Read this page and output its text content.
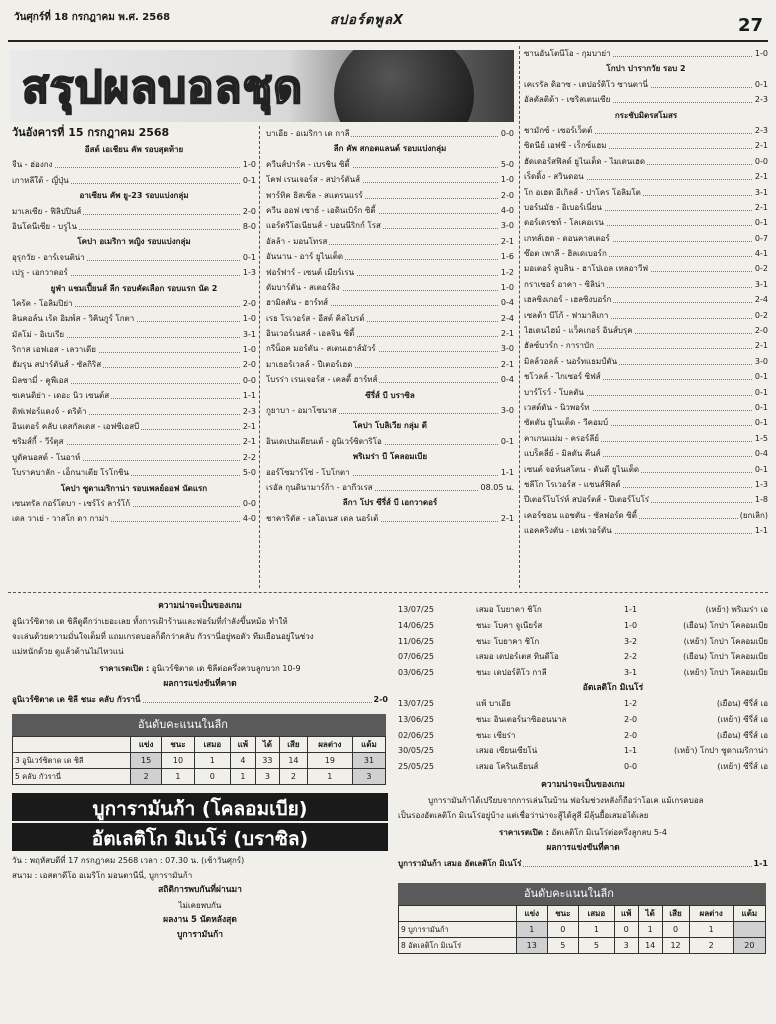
วันศุกร์ที่ 18 กรกฎาคม พ.ศ. 2568	สปอร์ตพูลX	27
สรุปผลบอลชุด
วันอังคารที่ 15 กรกฎาคม 2568
อีสต์ เอเชียน คัพ รอบสุดท้าย
จีน - ฮ่องกง	1-0
เกาหลีใต้ - ญี่ปุ่น	0-1
อาเซียน คัพ ยู-23 รอบแบ่งกลุ่ม
มาเลเซีย - ฟิลิปปินส์	2-0
อินโดนีเซีย - บรูไน	8-0
โคปา อเมริกา หญิง รอบแบ่งกลุ่ม
อุรุกวัย - อาร์เจนติน่า	0-1
เปรู - เอกวาดอร์	1-3
ยูฟ่า แชมเปี้ยนส์ ลีก รอบคัดเลือก รอบแรก นัด 2
ไคร้ค - โอลิมปิย่า	2-0
ลินคอล์น เร้ด อิมพ์ส - วิคินกูร์ โกตา	1-0
มัลโม่ - อิเบเรีย	3-1
ริกาส เอฟเอส - เลวาเดีย	1-0
ฮัมรุน สปาร์ตันส์ - ซัลกิริส	2-0
มิลซามี่ - คูพีเอส	0-0
ซเคนดิย่า - เดอะ นิว เซนต์ส	1-1
ดิฟเฟอร์แดงจ์ - ดริต้า	2-3
อินเตอร์ คลับ เดสกัลเดส - เอฟซีเอสบี	2-1
ชริมส์กี้ - วีร์ตุส	2-1
บูดัคนอสต์ - โนอาห์	2-2
โบราคบาลัก - เอ็กนาเตีย โรโกชิน	5-0
โคปา ซูดาเมริกาน่า รอบเพลย์ออฟ นัดแรก
เซนทรัล กอร์โดบา - เซร์โร่ ลาร์โก้	0-0
เดล วาเย่ - วาสโก ดา กาม่า	4-0
บาเอีย - อเมริกา เด กาลี	0-0
ลีก คัพ สกอตแลนด์ รอบแบ่งกลุ่ม
ควีนส์ปาร์ค - เบรชิน ซิตี้	5-0
โคฟ เรนเจอร์ส - สปาร์ตันส์	1-0
พาร์ทิค ธิสเซิ่ล - สแตรนแรร์	2-0
ควีน ออฟ เซาธ์ - เอดินเบิร์ก ซิตี้	4-0
แอร์ดรีโอเนียนส์ - บอนนีริกก์ โรส	3-0
อัลล้า - มอนโทรส	2-1
อันนาน - อาร์ ยูไนเต็ด	1-6
ฟอร์ฟาร์ - เซนต์ เมียร์เรน	1-2
ดัมบาร์ตัน - สเตอร์ลิง	1-0
ฮามิลตัน - ฮาร์ทส์	0-4
เรธ โรเวอร์ส - อีสต์ คิลไบรด์	2-4
อินเวอร์เนสส์ - เอลจิน ซิตี้	2-1
กรีน็อค มอร์ตัน - สเตนเฮาส์มัวร์	3-0
มาเธอร์เวลล์ - ปีเตอร์เฮด	2-1
โบรร่า เรนเจอร์ส - เคลตี้ ฮาร์ทส์	0-4
ซีรี่ส์ บี บราซิล
กูยาบา - อมาโซนาส	3-0
โคปา โบลิเวีย กลุ่ม ดี
อินเดเปนเดียนเต้ - อูนิเวร์ซิตาริโอ	0-1
พริเมร่า บี โคลอมเบีย
ออร์โซมาร์โซ่ - โบโกตา	1-1
เรอัล กุนดินามาร์ก้า - อากีวเรส	08.05 น.
ลีกา โปร ซีรี่ส์ บี เอกวาดอร์
ชาคาริตัส - เลโอเนส เดล นอร์เต้	2-1
ซานอันโตนีโอ - กุมบาย่า	1-0
โกปา ปารากวัย รอบ 2
เคเรรัล ดิอาซ - เดปอร์ติโว ซานตานี่	0-1
อัลตัลติด้า - เซริสเตนเซีย	2-3
กระชับมิตรสโมสร
ชามักซ์ - เซอร์เว็ตต์	2-3
ซิดนีย์ เอฟซี - เร็กซ์แฮม	2-1
ฮัดเดอร์สฟิลด์ ยูไนเต็ด - ไมเดนเฮด	0-0
เร็ดดิ้ง - สวินดอน	2-1
โก อเฮด อีเกิลส์ - ปาโคร โอลิมโต	3-1
บอร์นมัธ - อิเบอร์เนี่ยน	2-1
ดอร์เดรชท์ - โลเคอเรน	0-1
เกทส์เฮด - ดอนคาสเตอร์	0-7
ซ๊อต เพาลี - ฮิลเดเบอร์ก	4-1
มอเตอร์ ลูบลิน - ฮาโปเอล เทลอาวีฟ	0-2
กราเซอร์ อาคา - ซิลิน่า	3-1
เฮลซิงเกอร์ - เฮลซิงบอร์ก	2-4
เซลต้า บีโก้ - ฟามาลิเกา	0-2
ไฮเดนไฮม์ - แว็คเกอร์ อินส์บรุค	2-0
ฮัลซ์บวร์ก - การาบัก	2-1
มิลล์วอลล์ - นอร์ทแธมป์ตัน	3-0
ชโวลล์ - ไกเซอร์ ซิฟส์	0-1
บาร์โรว์ - โบลตัน	0-1
เวสต์ตัน - นิวพอร์ท	0-1
ซัตตัน ยูไนเต็ด - วีคอมบ์	0-1
คาเกนแม่ม - ครอร์ลีย์	1-5
แบร็คลี่ย์ - มิลตัน คีนส์	0-4
เซนต์ จอห์นสโตน - ดันดี ยูไนเต็ด	0-1
ชลีโก โรเวอร์ส - แชนส์ฟิลด์	1-3
ปีเตอร์โบโร่ห์ สปอร์ตส์ - ปีเตอร์โบโร่	1-8
เคอร์ซอน แอชตัน - ซัลฟอร์ด ซิตี้	(ยกเลิก)
แอคคริงตัน - เอฟเวอร์ตัน	1-1
ความน่าจะเป็นของเกม
อูนิเวร์ซิตาด เด ชิลีดูดีกว่าเยอะเลย ทั้งการเฝ้าร้านและฟอร์มที่กำลังขึ้นหม้อ ทำให้
จะเล่นด้วยความมั่นใจเต็มที่ แถมเกรดบอลก็ดีกว่าคลับ กัวรานี่อยู่พอตัว ทีมเยือนอยู่ในช่วง
แม่หนักด้วย ดูแล้วต้านไม่ไหวแน่
ราคาเรตเปิด : อูนิเวร์ซิตาด เด ชิลีต่อครึ่งควบลูกบวก 10-9
ผลการแข่งขันที่คาด
อูนิเวร์ซิตาด เด ชิลี ชนะ คลับ กัวรานี่	2-0
อันดับคะแนนในลีก
	แข่ง	ชนะ	เสมอ	แพ้	ได้	เสีย	ผลต่าง	แต้ม
3 อูนิเวร์ซิตาด เด ชิลี	15	10	1	4	33	14	19	31
5 คลับ กัวรานี่	2	1	0	1	3	2	1	3
บูการามันก้า (โคลอมเบีย)
อัตเลติโก มิเนโร่ (บราซิล)
วัน : พฤหัสบดีที่ 17 กรกฎาคม 2568 เวลา : 07.30 น. (เช้าวันศุกร์)
สนาม : เอสตาดีโอ อเมริโก มอนตานีนี่, บูการามันก้า
สถิติการพบกันที่ผ่านมา
ไม่เคยพบกัน
ผลงาน 5 นัดหลังสุด
บูการามันก้า
13/07/25	เสมอ โบยาคา ชิโก	1-1	(เหย้า) พริเมร่า เอ
14/06/25	ชนะ โบคา จูเนียร์ส	1-0	(เยือน) โกปา โคลอมเบีย
11/06/25	ชนะ โบยาคา ชิโก	3-2	(เหย้า) โกปา โคลอมเบีย
07/06/25	เสมอ เดปอร์เตส ทินดีโอ	2-2	(เยือน) โกปา โคลอมเบีย
03/06/25	ชนะ เดปอร์ติโว กาลี	3-1	(เหย้า) โกปา โคลอมเบีย
อัตเลติโก มิเนโร่
13/07/25	แพ้ บาเอีย	1-2	(เยือน) ซีรี่ส์ เอ
13/06/25	ชนะ อินเตอร์นาซิออนนาล	2-0	(เหย้า) ซีรี่ส์ เอ
02/06/25	ชนะ เซียร่า	2-0	(เยือน) ซีรี่ส์ เอ
30/05/25	เสมอ เซียนเซียโน่	1-1	(เหย้า) โกปา ซูดาเมริกาน่า
25/05/25	เสมอ โครินเธียนส์	0-0	(เหย้า) ซีรี่ส์ เอ
ความน่าจะเป็นของเกม
บูการามันก้าได้เปรียบจากการเล่นในบ้าน ฟอร์มช่วงหลังก็ถือว่าโอเค แม้เกรดบอล
เป็นรองอัตเลติโก มิเนโร่อยู่บ้าง แต่เชื่อว่าน่าจะสู้ได้สูสี มีลุ้นยื้อเสมอได้เลย
ราคาเรตเปิด : อัตเลติโก มิเนโร่ต่อครึ่งลูกลบ 5-4
ผลการแข่งขันที่คาด
บูการามันก้า เสมอ อัตเลติโก มิเนโร่	1-1
อันดับคะแนนในลีก
	แข่ง	ชนะ	เสมอ	แพ้	ได้	เสีย	ผลต่าง	แต้ม
9 บูการามันก้า	1	0	1	0	1	0	1	
8 อัตเลติโก มิเนโร่	13	5	5	3	14	12	2	20
